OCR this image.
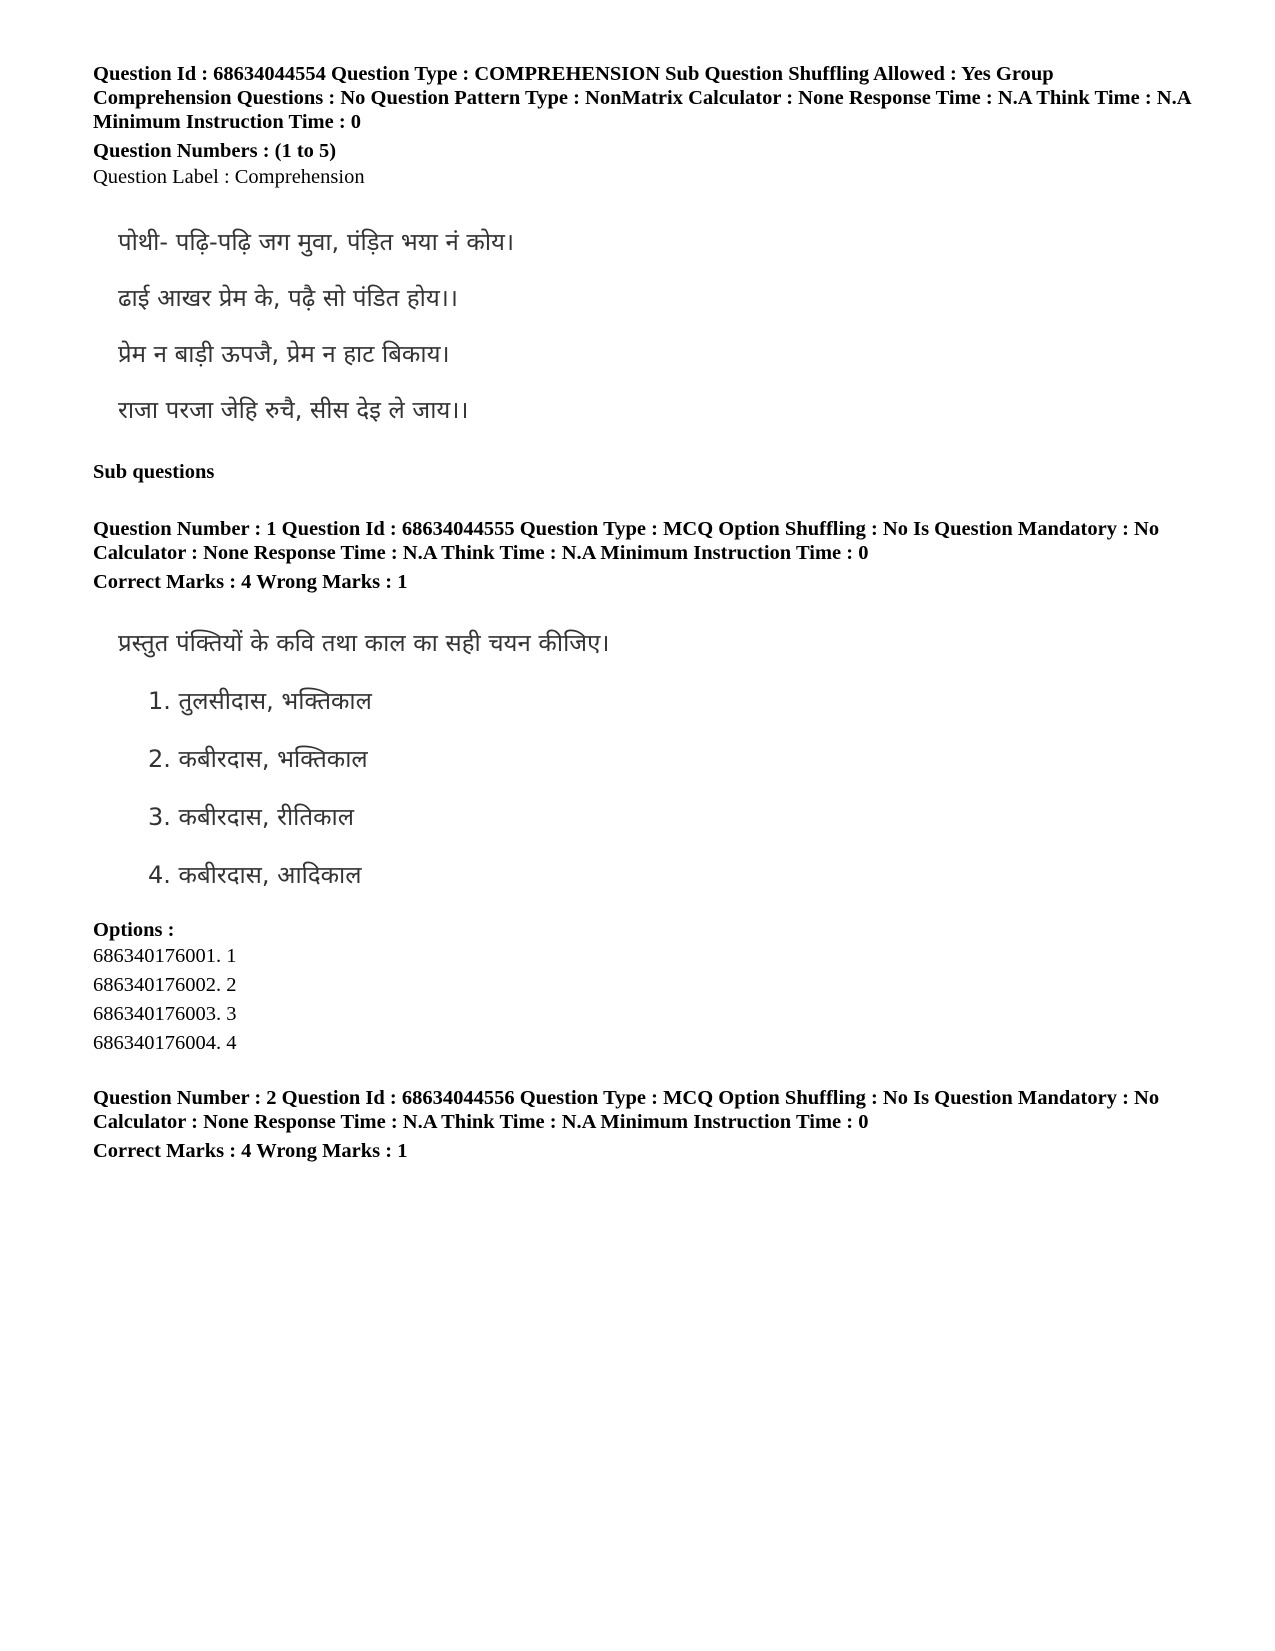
Question Id : 68634044554 Question Type : COMPREHENSION Sub Question Shuffling Allowed : Yes Group Comprehension Questions : No Question Pattern Type : NonMatrix Calculator : None Response Time : N.A Think Time : N.A Minimum Instruction Time : 0

Question Numbers : (1 to 5)

Question Label : Comprehension

पोथी- पढ़ि-पढ़ि जग मुवा, पंड़ित भया नं कोय।
ढाई आखर प्रेम के, पढ़ै सो पंडित होय।।
प्रेम न बाड़ी ऊपजै, प्रेम न हाट बिकाय।
राजा परजा जेहि रुचै, सीस देइ ले जाय।।

Sub questions

Question Number : 1 Question Id : 68634044555 Question Type : MCQ Option Shuffling : No Is Question Mandatory : No Calculator : None Response Time : N.A Think Time : N.A Minimum Instruction Time : 0

Correct Marks : 4 Wrong Marks : 1

प्रस्तुत पंक्तियों के कवि तथा काल का सही चयन कीजिए।
1. तुलसीदास, भक्तिकाल
2. कबीरदास, भक्तिकाल
3. कबीरदास, रीतिकाल
4. कबीरदास, आदिकाल

Options :

686340176001. 1
686340176002. 2
686340176003. 3
686340176004. 4

Question Number : 2 Question Id : 68634044556 Question Type : MCQ Option Shuffling : No Is Question Mandatory : No Calculator : None Response Time : N.A Think Time : N.A Minimum Instruction Time : 0

Correct Marks : 4 Wrong Marks : 1
